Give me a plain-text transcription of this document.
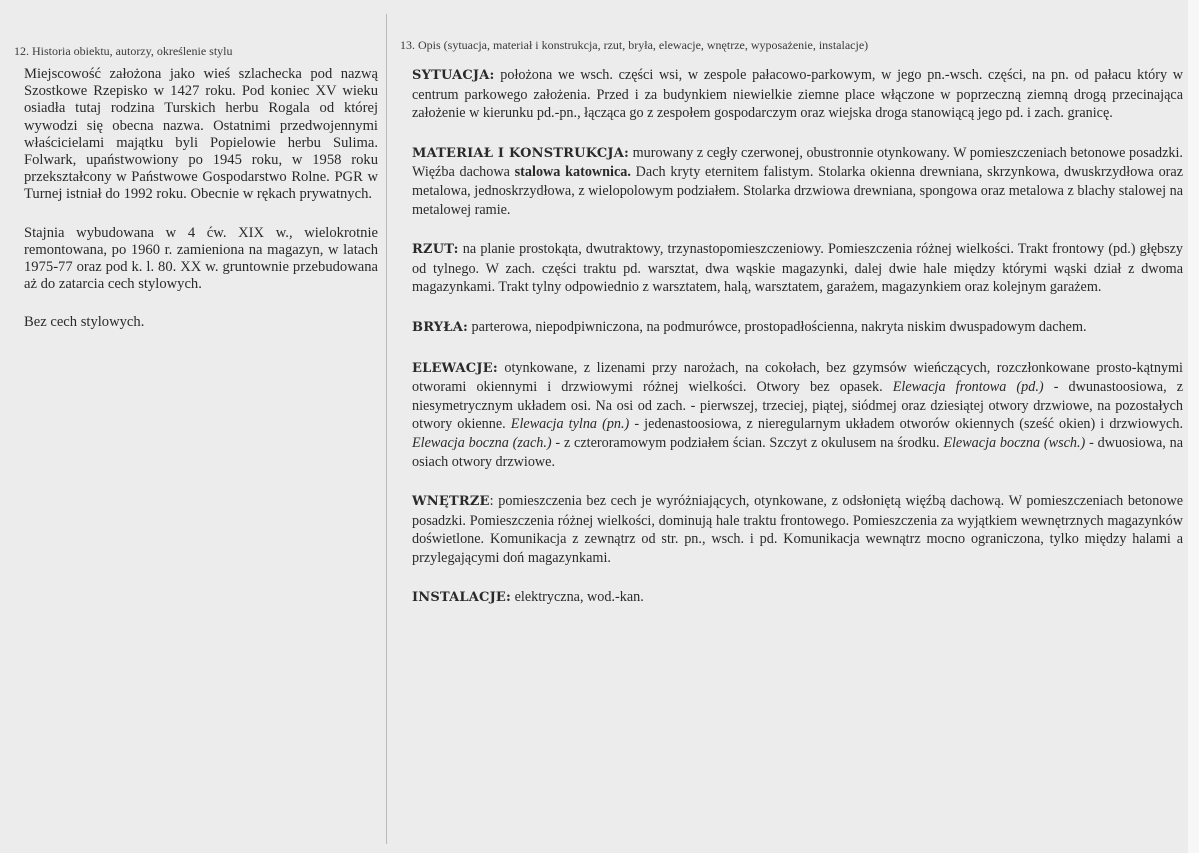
12. Historia obiektu, autorzy, określenie stylu	13. Opis (sytuacja, materiał i konstrukcja, rzut, bryła, elewacje, wnętrze, wyposażenie, instalacje)

Miejscowość założona jako wieś szlachecka pod nazwą Szostkowe Rzepisko w 1427 roku. Pod koniec XV wieku osiadła tutaj rodzina Turskich herbu Rogala od której wywodzi się obecna nazwa. Ostatnimi przedwojennymi właścicielami majątku byli Popielowie herbu Sulima. Folwark, upaństwowiony po 1945 roku, w 1958 roku przekształcony w Państwowe Gospodarstwo Rolne. PGR w Turnej istniał do 1992 roku. Obecnie w rękach prywatnych.

Stajnia wybudowana w 4 ćw. XIX w., wielokrotnie remontowana, po 1960 r. zamieniona na magazyn, w latach 1975-77 oraz pod k. l. 80. XX w. gruntownie przebudowana aż do zatarcia cech stylowych.

Bez cech stylowych.

SYTUACJA: położona we wsch. części wsi, w zespole pałacowo-parkowym, w jego pn.-wsch. części, na pn. od pałacu który w centrum parkowego założenia. Przed i za budynkiem niewielkie ziemne place włączone w poprzeczną ziemną drogą przecinająca założenie w kierunku pd.-pn., łącząca go z zespołem gospodarczym oraz wiejska droga stanowiącą jego pd. i zach. granicę.

MATERIAŁ I KONSTRUKCJA: murowany z cegły czerwonej, obustronnie otynkowany. W pomieszczeniach betonowe posadzki. Więźba dachowa stalowa katownica. Dach kryty eternitem falistym. Stolarka okienna drewniana, skrzynkowa, dwuskrzydłowa oraz metalowa, jednoskrzydłowa, z wielopolowym podziałem. Stolarka drzwiowa drewniana, spongowa oraz metalowa z blachy stalowej na metalowej ramie.

RZUT: na planie prostokąta, dwutraktowy, trzynastopomieszczeniowy. Pomieszczenia różnej wielkości. Trakt frontowy (pd.) głębszy od tylnego. W zach. części traktu pd. warsztat, dwa wąskie magazynki, dalej dwie hale między którymi wąski dział z dwoma magazynkami. Trakt tylny odpowiednio z warsztatem, halą, warsztatem, garażem, magazynkiem oraz kolejnym garażem.

BRYŁA: parterowa, niepodpiwniczona, na podmurówce, prostopadłościenna, nakryta niskim dwuspadowym dachem.

ELEWACJE: otynkowane, z lizenami przy narożach, na cokołach, bez gzymsów wieńczących, rozczłonkowane prosto-kątnymi otworami okiennymi i drzwiowymi różnej wielkości. Otwory bez opasek. Elewacja frontowa (pd.) - dwunastoosiowa, z niesymetrycznym układem osi. Na osi od zach. - pierwszej, trzeciej, piątej, siódmej oraz dziesiątej otwory drzwiowe, na pozostałych otwory okienne. Elewacja tylna (pn.) - jedenastoosiowa, z nieregularnym układem otworów okiennych (sześć okien) i drzwiowych. Elewacja boczna (zach.) - z czteroramowym podziałem ścian. Szczyt z okulusem na środku. Elewacja boczna (wsch.) - dwuosiowa, na osiach otwory drzwiowe.

WNĘTRZE: pomieszczenia bez cech je wyróżniających, otynkowane, z odsłoniętą więźbą dachową. W pomieszczeniach betonowe posadzki. Pomieszczenia różnej wielkości, dominują hale traktu frontowego. Pomieszczenia za wyjątkiem wewnętrznych magazynków doświetlone. Komunikacja z zewnątrz od str. pn., wsch. i pd. Komunikacja wewnątrz mocno ograniczona, tylko między halami a przylegającymi doń magazynkami.

INSTALACJE: elektryczna, wod.-kan.
